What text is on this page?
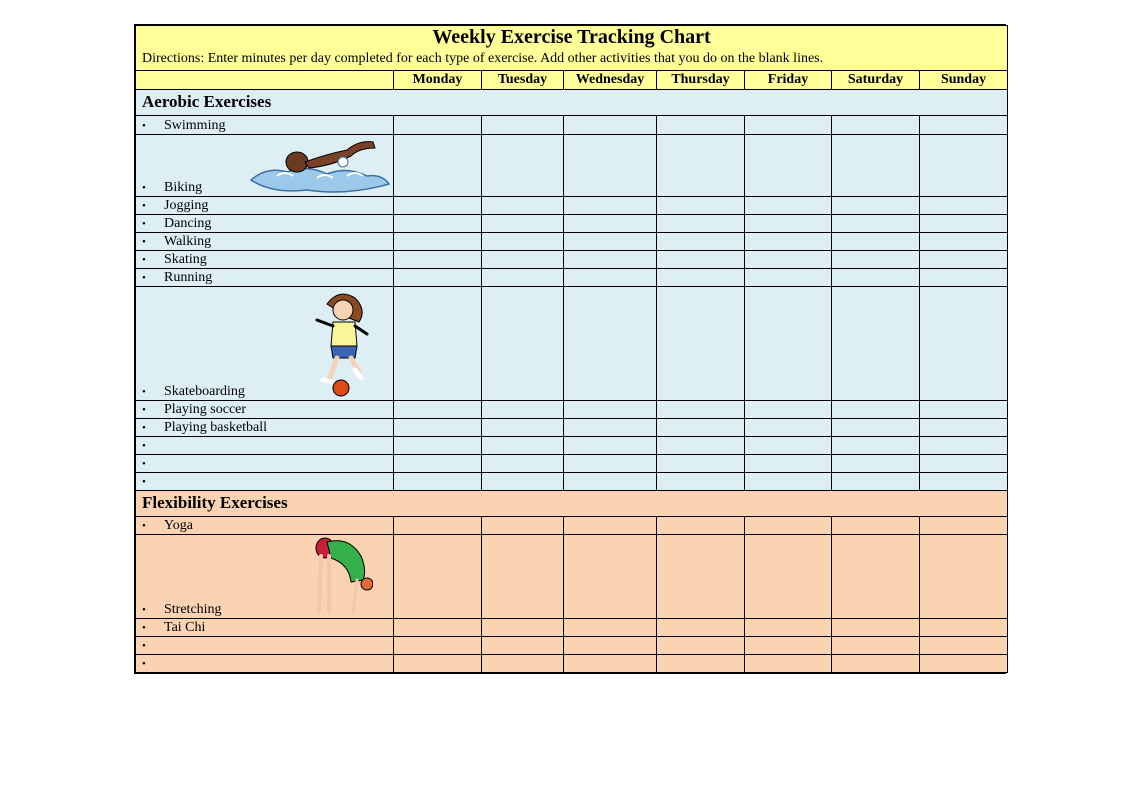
Weekly Exercise Tracking Chart							
Directions: Enter minutes per day completed for each type of exercise. Add other activities that you do on the blank lines.							
	Monday	Tuesday	Wednesday	Thursday	Friday	Saturday	Sunday
Aerobic Exercises							
• Swimming							
• Biking

• Jogging							
• Dancing							
• Walking							
• Skating							
• Running							
• Skateboarding

• Playing soccer							
• Playing basketball							
•							
•							
•							
Flexibility Exercises							
• Yoga							
• Stretching

• Tai Chi							
•							
•							
